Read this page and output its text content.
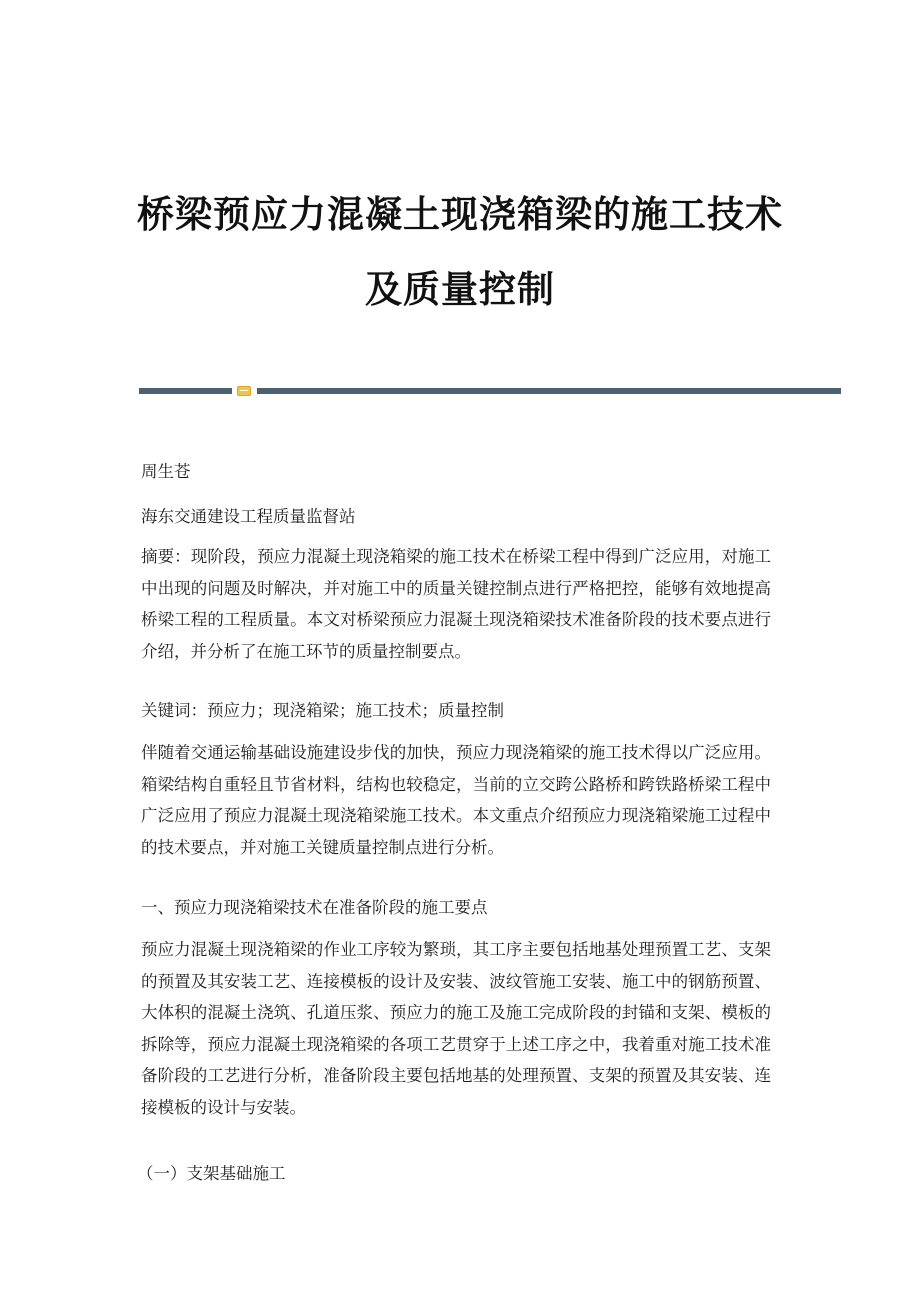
桥梁预应力混凝土现浇箱梁的施工技术
及质量控制
周生苍
海东交通建设工程质量监督站

摘要：现阶段，预应力混凝土现浇箱梁的施工技术在桥梁工程中得到广泛应用，对施工中出现的问题及时解决，并对施工中的质量关键控制点进行严格把控，能够有效地提高桥梁工程的工程质量。本文对桥梁预应力混凝土现浇箱梁技术准备阶段的技术要点进行介绍，并分析了在施工环节的质量控制要点。

关键词：预应力；现浇箱梁；施工技术；质量控制

伴随着交通运输基础设施建设步伐的加快，预应力现浇箱梁的施工技术得以广泛应用。箱梁结构自重轻且节省材料，结构也较稳定，当前的立交跨公路桥和跨铁路桥梁工程中广泛应用了预应力混凝土现浇箱梁施工技术。本文重点介绍预应力现浇箱梁施工过程中的技术要点，并对施工关键质量控制点进行分析。

一、预应力现浇箱梁技术在准备阶段的施工要点

预应力混凝土现浇箱梁的作业工序较为繁琐，其工序主要包括地基处理预置工艺、支架的预置及其安装工艺、连接模板的设计及安装、波纹管施工安装、施工中的钢筋预置、大体积的混凝土浇筑、孔道压浆、预应力的施工及施工完成阶段的封锚和支架、模板的拆除等，预应力混凝土现浇箱梁的各项工艺贯穿于上述工序之中，我着重对施工技术准备阶段的工艺进行分析，准备阶段主要包括地基的处理预置、支架的预置及其安装、连接模板的设计与安装。

（一）支架基础施工
